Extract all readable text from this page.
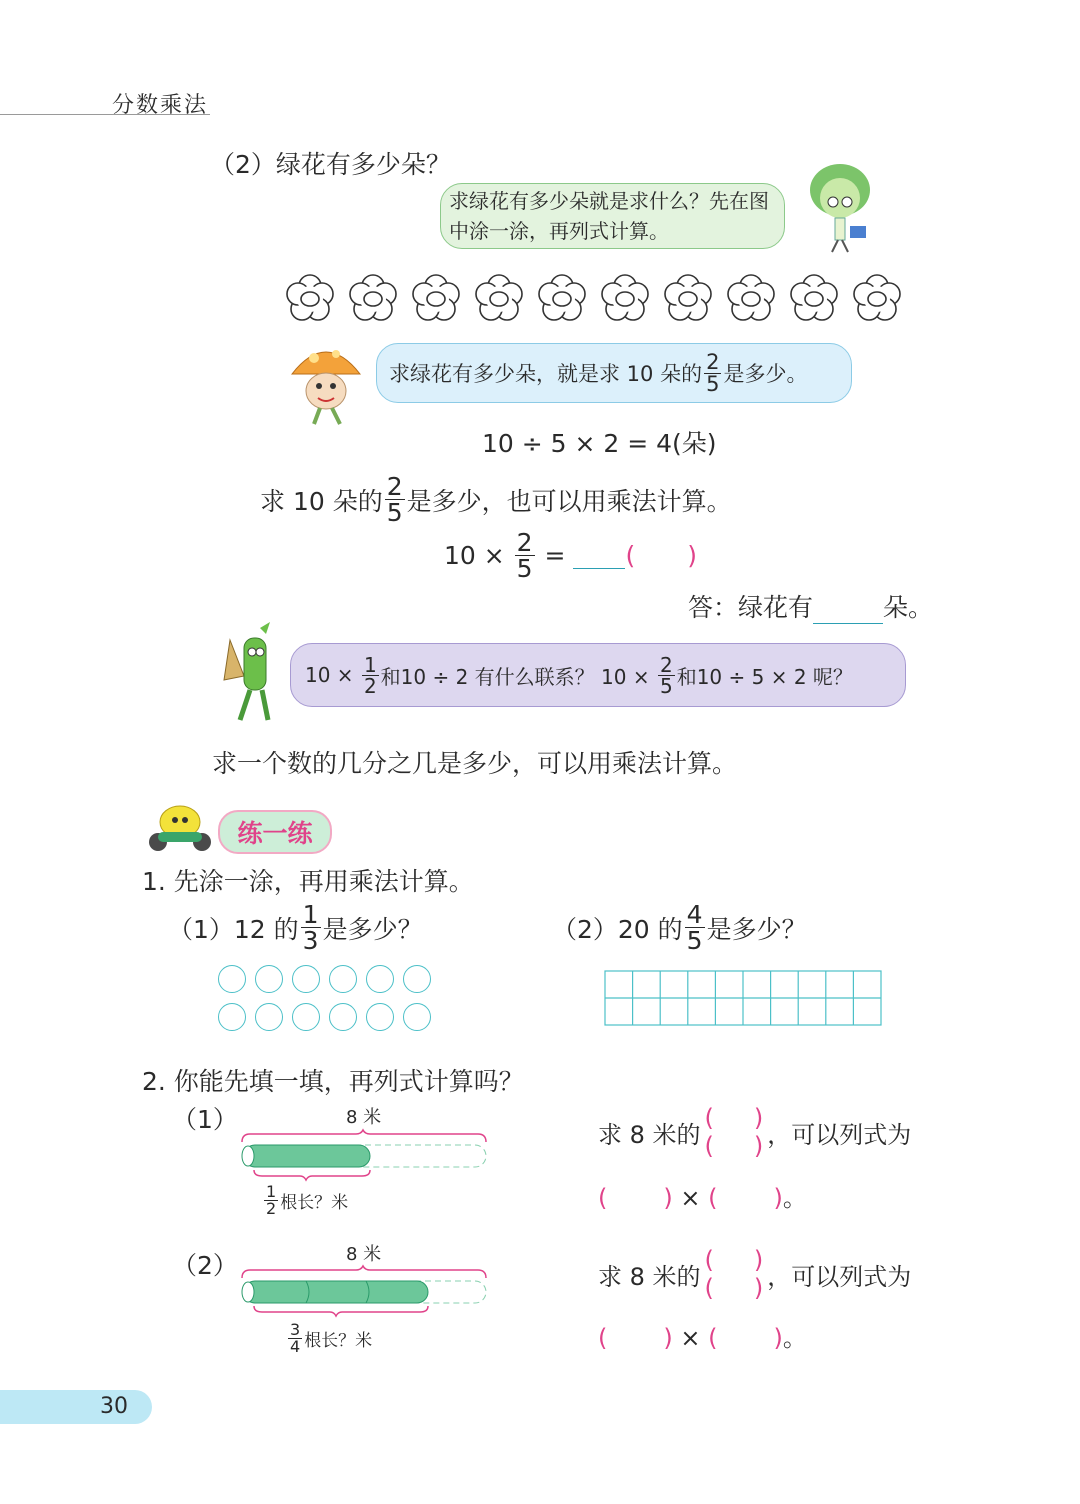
分数乘法
（2）绿花有多少朵？
求绿花有多少朵就是求什么？先在图中涂一涂，再列式计算。
求绿花有多少朵，就是求 10 朵的 $\frac{2}{5}$ 是多少。
10 ÷ 5 × 2 = 4(朵)
求 10 朵的 $\frac{2}{5}$ 是多少，也可以用乘法计算。
10 ×
$\frac{2}{5}$
=
( )
答：绿花有	朵。
10 ×
$\frac{1}{2}$ 和10 ÷ 2 有什么联系？ 10 ×
$\frac{2}{5}$ 和10 ÷ 5 × 2 呢？
求一个数的几分之几是多少，可以用乘法计算。
练一练
1. 先涂一涂，再用乘法计算。
（1）12 的 $\frac{1}{3}$ 是多少？	（2）20 的 $\frac{4}{5}$ 是多少？
2. 你能先填一填，再列式计算吗？
（1）	8 米
$\frac{1}{2}$ 根长？米
求 8 米的
( )
( ) ，可以列式为
( ) × ( )。
（2）	8 米
$\frac{3}{4}$ 根长？米
求 8 米的
( )
( ) ，可以列式为
( ) × ( )。
30
